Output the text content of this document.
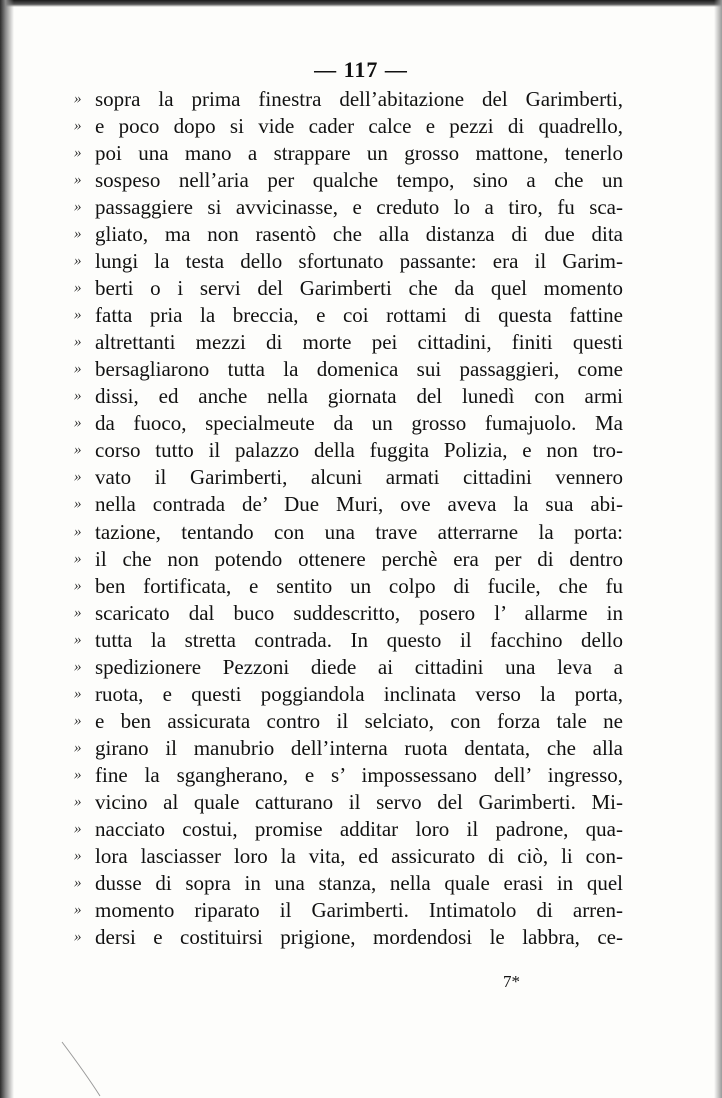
— 117 —
» sopra la prima finestra dell’abitazione del Garimberti,
» e poco dopo si vide cader calce e pezzi di quadrello,
» poi una mano a strappare un grosso mattone, tenerlo
» sospeso nell’aria per qualche tempo, sino a che un
» passaggiere si avvicinasse, e creduto lo a tiro, fu sca-
» gliato, ma non rasentò che alla distanza di due dita
» lungi la testa dello sfortunato passante: era il Garim-
» berti o i servi del Garimberti che da quel momento
» fatta pria la breccia, e coi rottami di questa fattine
» altrettanti mezzi di morte pei cittadini, finiti questi
» bersagliarono tutta la domenica sui passaggieri, come
» dissi, ed anche nella giornata del lunedì con armi
» da fuoco, specialmeute da un grosso fumajuolo. Ma
» corso tutto il palazzo della fuggita Polizia, e non tro-
» vato il Garimberti, alcuni armati cittadini vennero
» nella contrada de’ Due Muri, ove aveva la sua abi-
» tazione, tentando con una trave atterrarne la porta:
» il che non potendo ottenere perchè era per di dentro
» ben fortificata, e sentito un colpo di fucile, che fu
» scaricato dal buco suddescritto, posero l’ allarme in
» tutta la stretta contrada. In questo il facchino dello
» spedizionere Pezzoni diede ai cittadini una leva a
» ruota, e questi poggiandola inclinata verso la porta,
» e ben assicurata contro il selciato, con forza tale ne
» girano il manubrio dell’interna ruota dentata, che alla
» fine la sgangherano, e s’ impossessano dell’ ingresso,
» vicino al quale catturano il servo del Garimberti. Mi-
» nacciato costui, promise additar loro il padrone, qua-
» lora lasciasser loro la vita, ed assicurato di ciò, li con-
» dusse di sopra in una stanza, nella quale erasi in quel
» momento riparato il Garimberti. Intimatolo di arren-
» dersi e costituirsi prigione, mordendosi le labbra, ce-
7*
